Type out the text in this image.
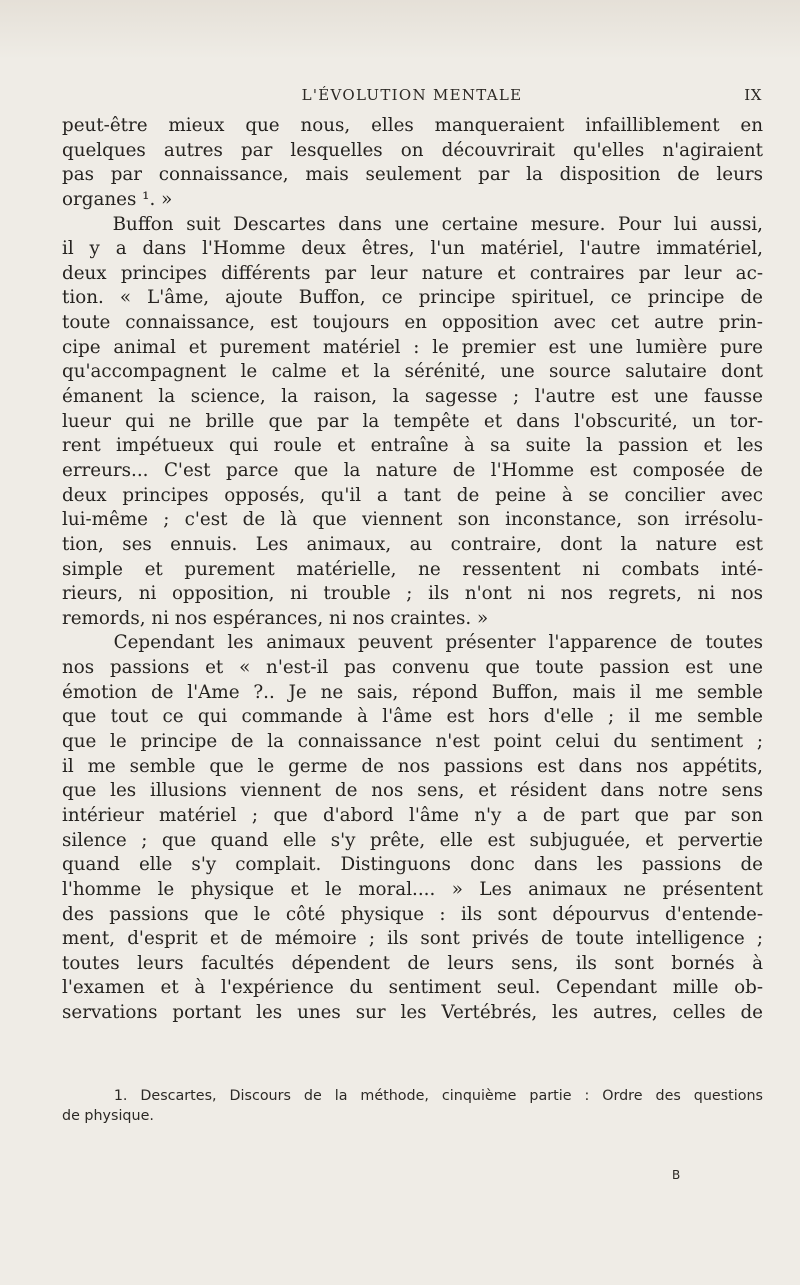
L'ÉVOLUTION MENTALE	IX
peut-être mieux que nous, elles manqueraient infailliblement en
quelques autres par lesquelles on découvrirait qu'elles n'agiraient
pas par connaissance, mais seulement par la disposition de leurs
organes ¹. »
Buffon suit Descartes dans une certaine mesure. Pour lui aussi,
il y a dans l'Homme deux êtres, l'un matériel, l'autre immatériel,
deux principes différents par leur nature et contraires par leur ac-
tion. « L'âme, ajoute Buffon, ce principe spirituel, ce principe de
toute connaissance, est toujours en opposition avec cet autre prin-
cipe animal et purement matériel : le premier est une lumière pure
qu'accompagnent le calme et la sérénité, une source salutaire dont
émanent la science, la raison, la sagesse ; l'autre est une fausse
lueur qui ne brille que par la tempête et dans l'obscurité, un tor-
rent impétueux qui roule et entraîne à sa suite la passion et les
erreurs... C'est parce que la nature de l'Homme est composée de
deux principes opposés, qu'il a tant de peine à se concilier avec
lui-même ; c'est de là que viennent son inconstance, son irrésolu-
tion, ses ennuis. Les animaux, au contraire, dont la nature est
simple et purement matérielle, ne ressentent ni combats inté-
rieurs, ni opposition, ni trouble ; ils n'ont ni nos regrets, ni nos
remords, ni nos espérances, ni nos craintes. »
Cependant les animaux peuvent présenter l'apparence de toutes
nos passions et « n'est-il pas convenu que toute passion est une
émotion de l'Ame ?.. Je ne sais, répond Buffon, mais il me semble
que tout ce qui commande à l'âme est hors d'elle ; il me semble
que le principe de la connaissance n'est point celui du sentiment ;
il me semble que le germe de nos passions est dans nos appétits,
que les illusions viennent de nos sens, et résident dans notre sens
intérieur matériel ; que d'abord l'âme n'y a de part que par son
silence ; que quand elle s'y prête, elle est subjuguée, et pervertie
quand elle s'y complait. Distinguons donc dans les passions de
l'homme le physique et le moral.... » Les animaux ne présentent
des passions que le côté physique : ils sont dépourvus d'entende-
ment, d'esprit et de mémoire ; ils sont privés de toute intelligence ;
toutes leurs facultés dépendent de leurs sens, ils sont bornés à
l'examen et à l'expérience du sentiment seul. Cependant mille ob-
servations portant les unes sur les Vertébrés, les autres, celles de
1. Descartes, Discours de la méthode, cinquième partie : Ordre des questions
de physique.
B
